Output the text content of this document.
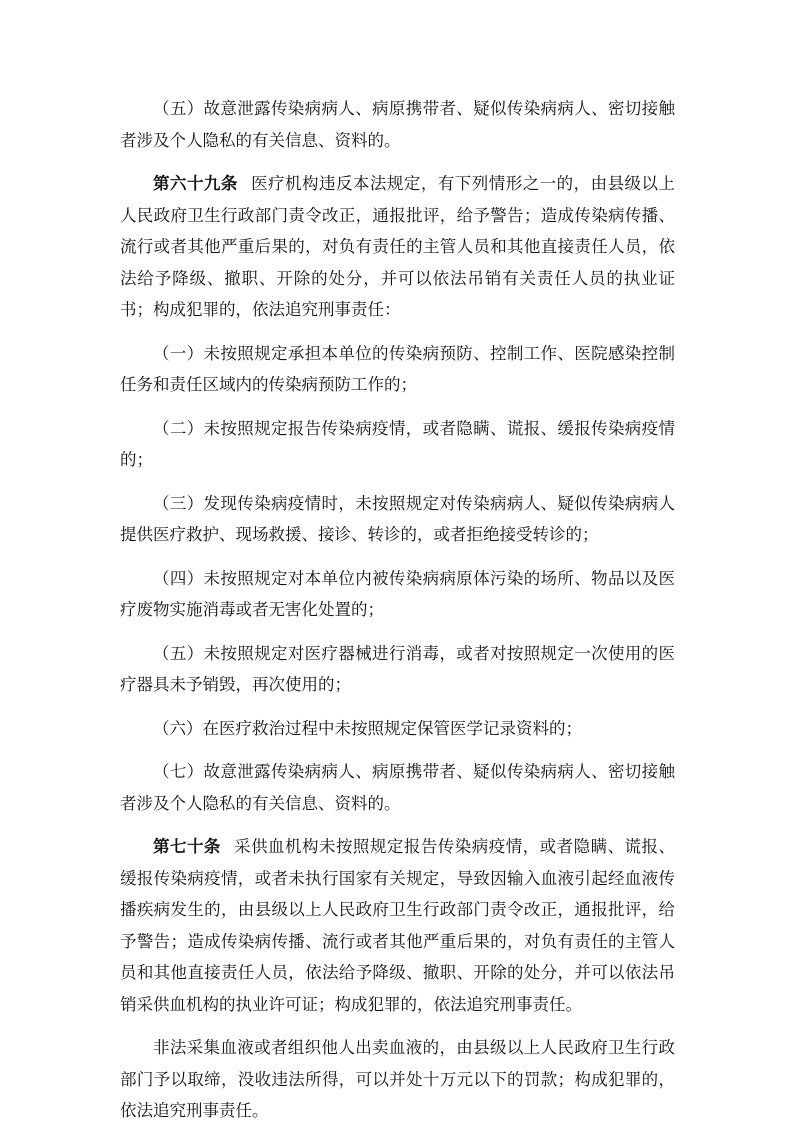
（五）故意泄露传染病病人、病原携带者、疑似传染病病人、密切接触者涉及个人隐私的有关信息、资料的。

第六十九条 医疗机构违反本法规定，有下列情形之一的，由县级以上人民政府卫生行政部门责令改正，通报批评，给予警告；造成传染病传播、流行或者其他严重后果的，对负有责任的主管人员和其他直接责任人员，依法给予降级、撤职、开除的处分，并可以依法吊销有关责任人员的执业证书；构成犯罪的，依法追究刑事责任：

（一）未按照规定承担本单位的传染病预防、控制工作、医院感染控制任务和责任区域内的传染病预防工作的；

（二）未按照规定报告传染病疫情，或者隐瞒、谎报、缓报传染病疫情的；

（三）发现传染病疫情时，未按照规定对传染病病人、疑似传染病病人提供医疗救护、现场救援、接诊、转诊的，或者拒绝接受转诊的；

（四）未按照规定对本单位内被传染病病原体污染的场所、物品以及医疗废物实施消毒或者无害化处置的；

（五）未按照规定对医疗器械进行消毒，或者对按照规定一次使用的医疗器具未予销毁，再次使用的；

（六）在医疗救治过程中未按照规定保管医学记录资料的；

（七）故意泄露传染病病人、病原携带者、疑似传染病病人、密切接触者涉及个人隐私的有关信息、资料的。

第七十条 采供血机构未按照规定报告传染病疫情，或者隐瞒、谎报、缓报传染病疫情，或者未执行国家有关规定，导致因输入血液引起经血液传播疾病发生的，由县级以上人民政府卫生行政部门责令改正，通报批评，给予警告；造成传染病传播、流行或者其他严重后果的，对负有责任的主管人员和其他直接责任人员，依法给予降级、撤职、开除的处分，并可以依法吊销采供血机构的执业许可证；构成犯罪的，依法追究刑事责任。

非法采集血液或者组织他人出卖血液的，由县级以上人民政府卫生行政部门予以取缔，没收违法所得，可以并处十万元以下的罚款；构成犯罪的，依法追究刑事责任。
